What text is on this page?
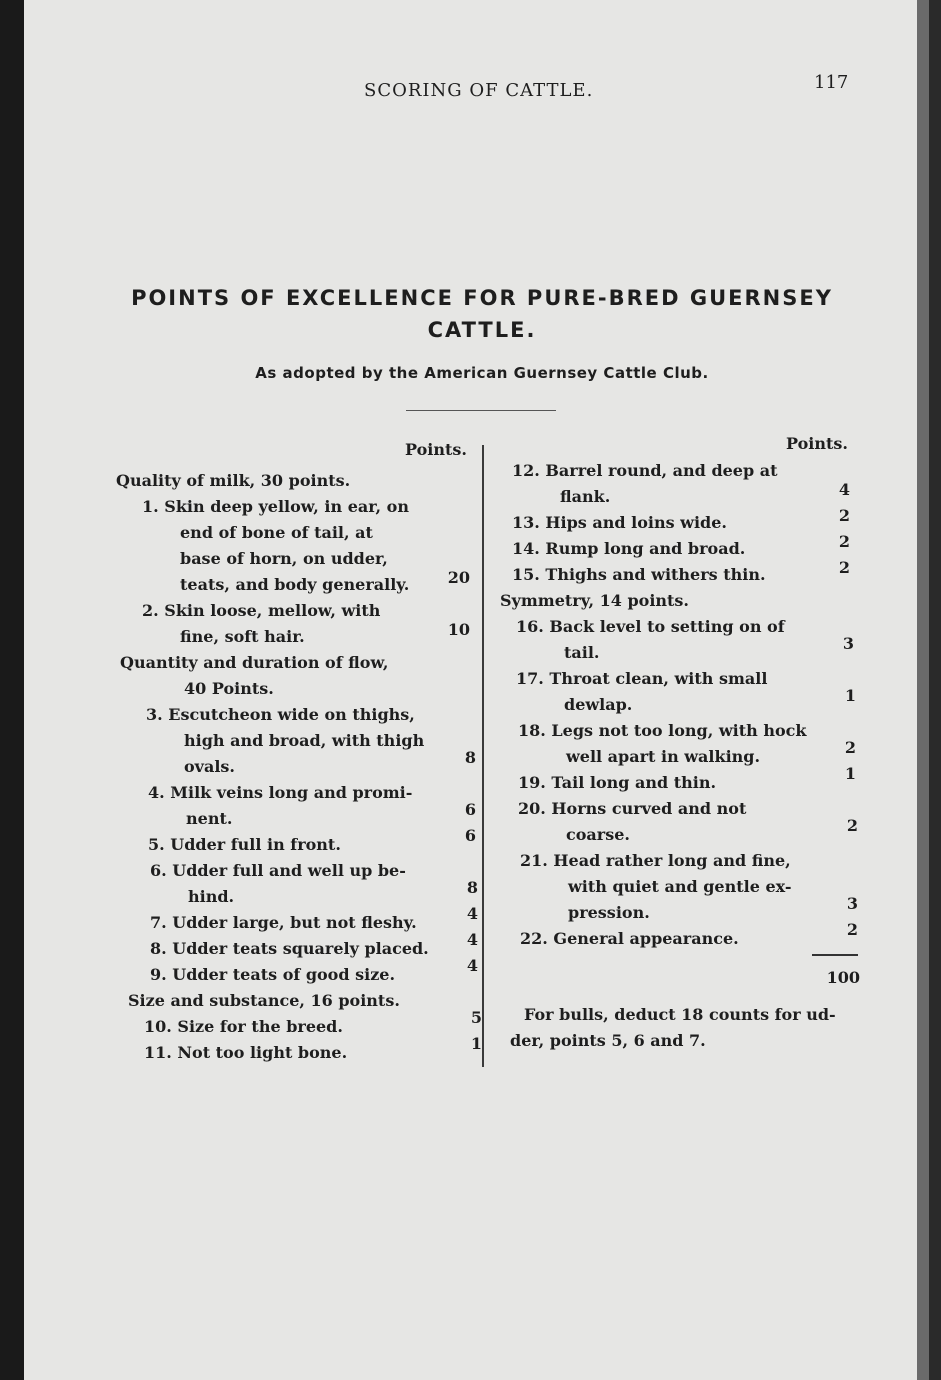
SCORING OF CATTLE.	117
POINTS OF EXCELLENCE FOR PURE-BRED GUERNSEY CATTLE.
As adopted by the American Guernsey Cattle Club.
Points.
Quality of milk, 30 points.
1. Skin deep yellow, in ear, on
end of bone of tail, at
base of horn, on udder,
teats, and body generally.	20
2. Skin loose, mellow, with
fine, soft hair.	10
Quantity and duration of flow,
40 Points.
3. Escutcheon wide on thighs,
high and broad, with thigh
ovals.	8
4. Milk veins long and promi-
nent.	6
5. Udder full in front.	6
6. Udder full and well up be-
hind.	8
7. Udder large, but not fleshy.	4
8. Udder teats squarely placed.	4
9. Udder teats of good size.	4
Size and substance, 16 points.
10. Size for the breed.	5
11. Not too light bone.	1
Points.
12. Barrel round, and deep at
flank.	4
13. Hips and loins wide.	2
14. Rump long and broad.	2
15. Thighs and withers thin.	2
Symmetry, 14 points.
16. Back level to setting on of
tail.	3
17. Throat clean, with small
dewlap.	1
18. Legs not too long, with hock
well apart in walking.	2
19. Tail long and thin.	1
20. Horns curved and not
coarse.	2
21. Head rather long and fine,
with quiet and gentle ex-
pression.	3
22. General appearance.	2
100
For bulls, deduct 18 counts for ud-
der, points 5, 6 and 7.
